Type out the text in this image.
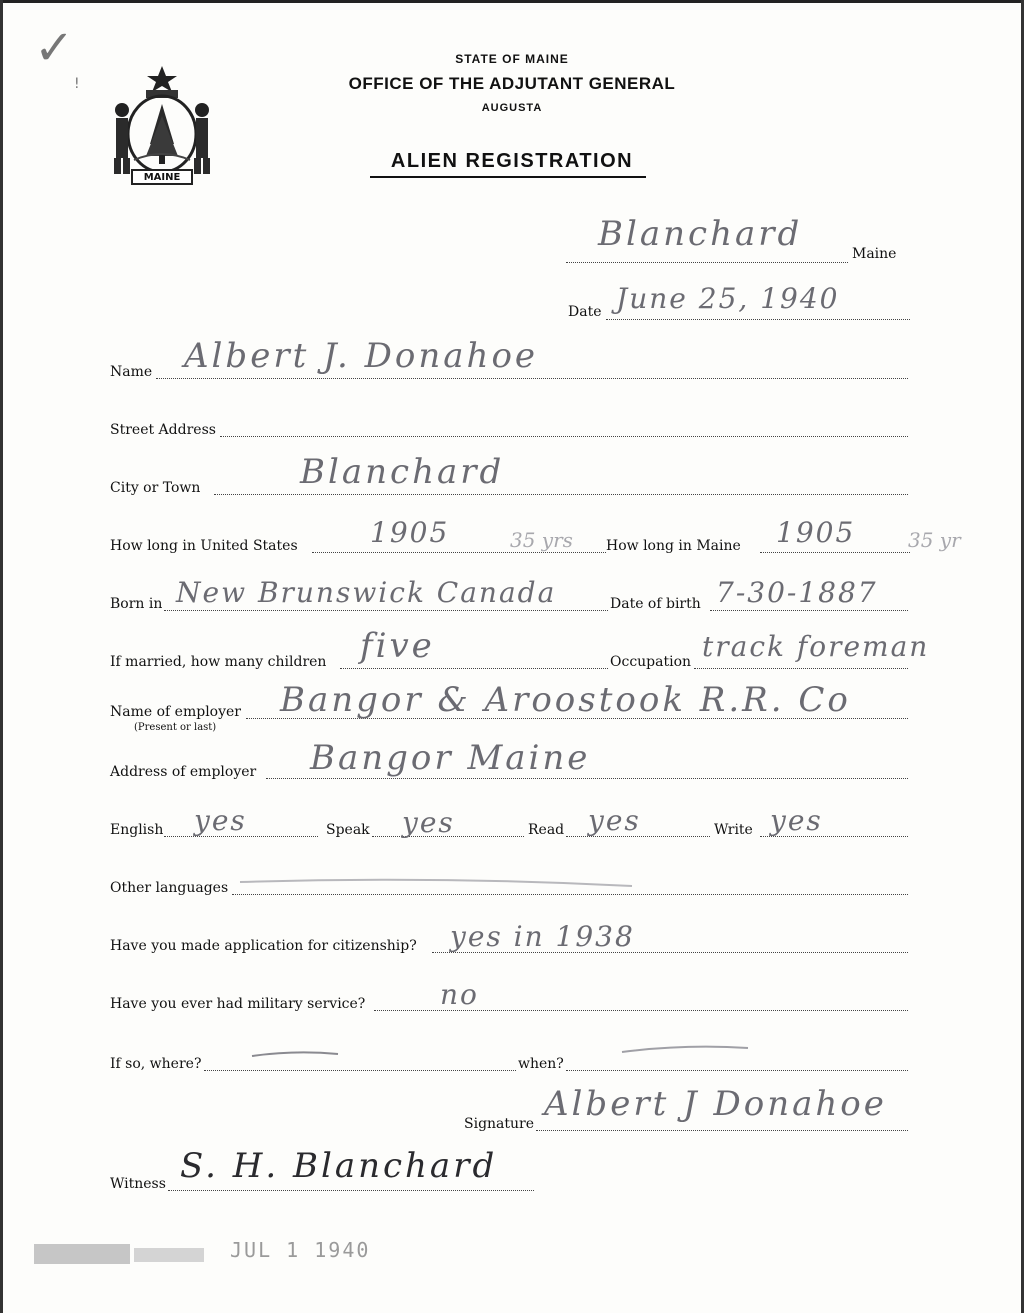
✓
!
MAINE
STATE OF MAINE
OFFICE OF THE ADJUTANT GENERAL
AUGUSTA
ALIEN REGISTRATION
Blanchard	Maine
Date June 25, 1940
Name Albert J. Donahoe
Street Address
City or Town	Blanchard
How long in United States	1905	35 yrs How long in Maine 1905	35 yr
Born in New Brunswick Canada	Date of birth 7-30-1887
If married, how many children five	Occupation track foreman
Name of employer
(Present or last)
Bangor & Aroostook R.R. Co
Address of employer Bangor Maine
English yes	Speak yes	Read yes	Write yes
Other languages
Have you made application for citizenship? yes in 1938
Have you ever had military service?	no
If so, where?	when?
Signature Albert J Donahoe
Witness S. H. Blanchard
JUL 1 1940
